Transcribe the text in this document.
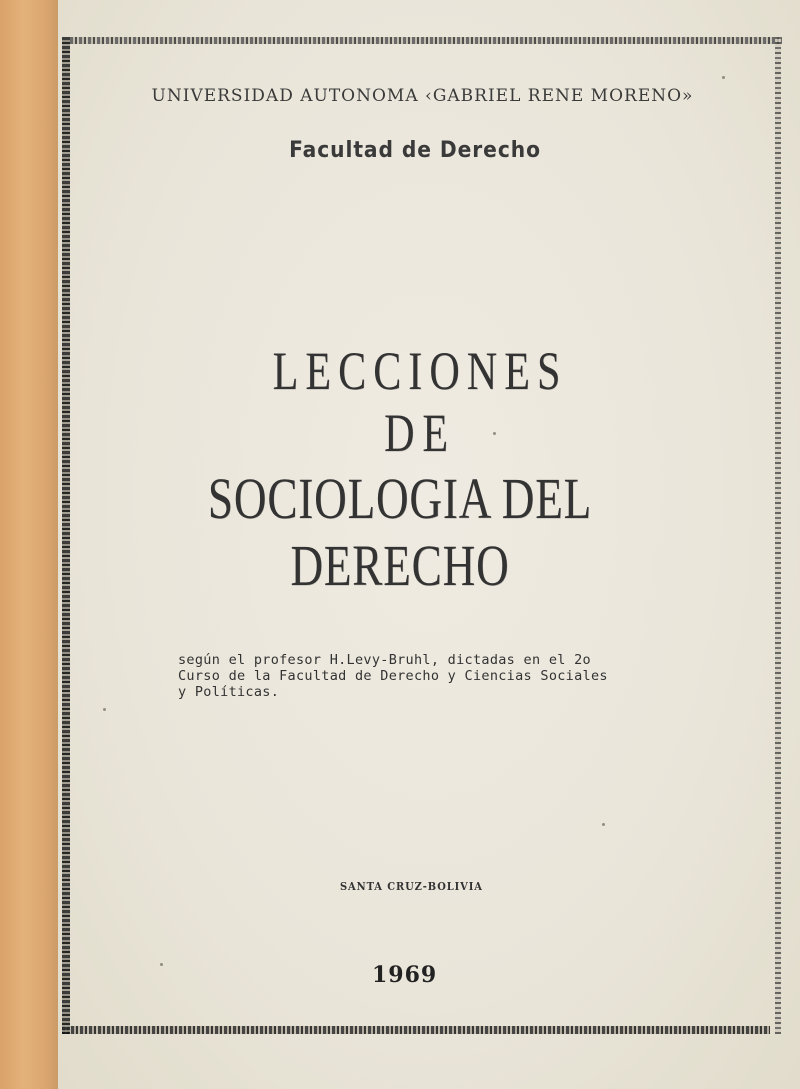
UNIVERSIDAD AUTONOMA ‹GABRIEL RENE MORENO»
Facultad de Derecho
LECCIONES
DE
SOCIOLOGIA DEL DERECHO
según el profesor H.Levy-Bruhl, dictadas en el 2o
Curso de la Facultad de Derecho y Ciencias Sociales
y Políticas.
SANTA CRUZ-BOLIVIA
1969
